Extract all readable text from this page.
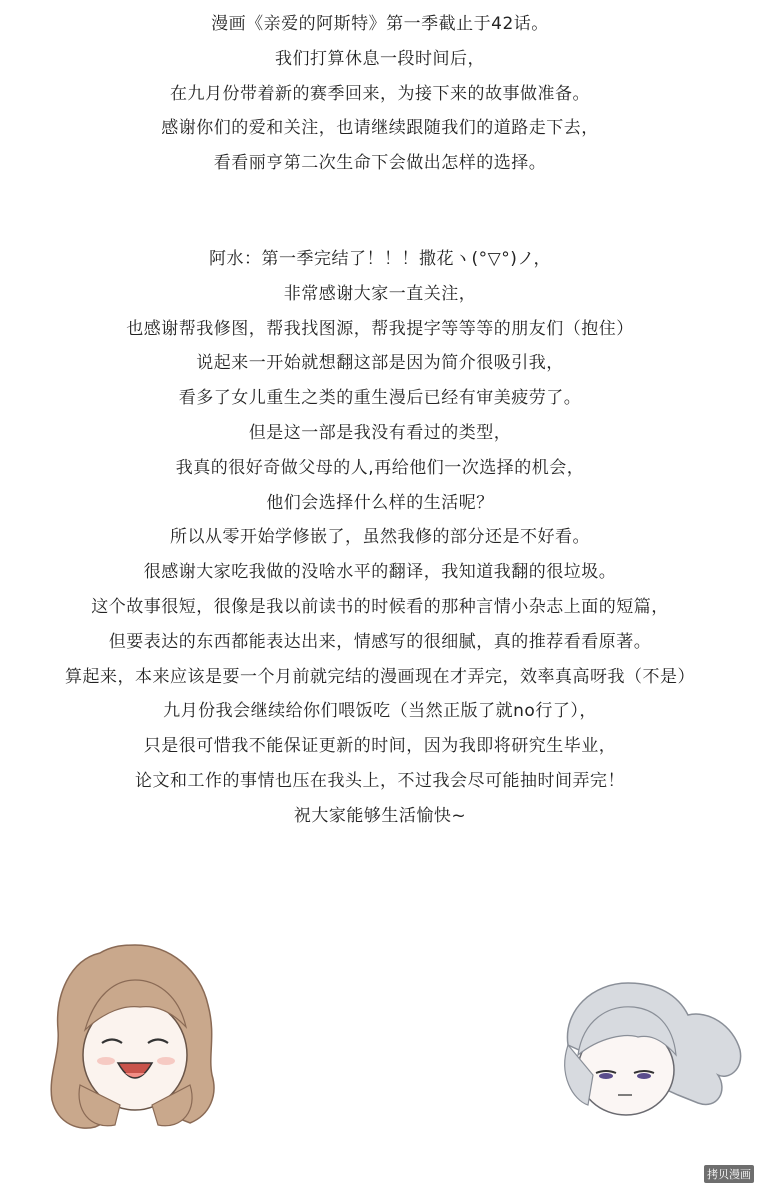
漫画《亲爱的阿斯特》第一季截止于42话。
我们打算休息一段时间后，
在九月份带着新的赛季回来，为接下来的故事做准备。
感谢你们的爱和关注，也请继续跟随我们的道路走下去，
看看丽亨第二次生命下会做出怎样的选择。
阿水：第一季完结了！！！撒花ヽ(°▽°)ノ，
非常感谢大家一直关注，
也感谢帮我修图，帮我找图源，帮我提字等等等的朋友们（抱住）
说起来一开始就想翻这部是因为简介很吸引我，
看多了女儿重生之类的重生漫后已经有审美疲劳了。
但是这一部是我没有看过的类型，
我真的很好奇做父母的人,再给他们一次选择的机会，
他们会选择什么样的生活呢？
所以从零开始学修嵌了，虽然我修的部分还是不好看。
很感谢大家吃我做的没啥水平的翻译，我知道我翻的很垃圾。
这个故事很短，很像是我以前读书的时候看的那种言情小杂志上面的短篇，
但要表达的东西都能表达出来，情感写的很细腻，真的推荐看看原著。
算起来，本来应该是要一个月前就完结的漫画现在才弄完，效率真高呀我（不是）
九月份我会继续给你们喂饭吃（当然正版了就no行了），
只是很可惜我不能保证更新的时间，因为我即将研究生毕业，
论文和工作的事情也压在我头上，不过我会尽可能抽时间弄完！
祝大家能够生活愉快~
拷贝漫画
